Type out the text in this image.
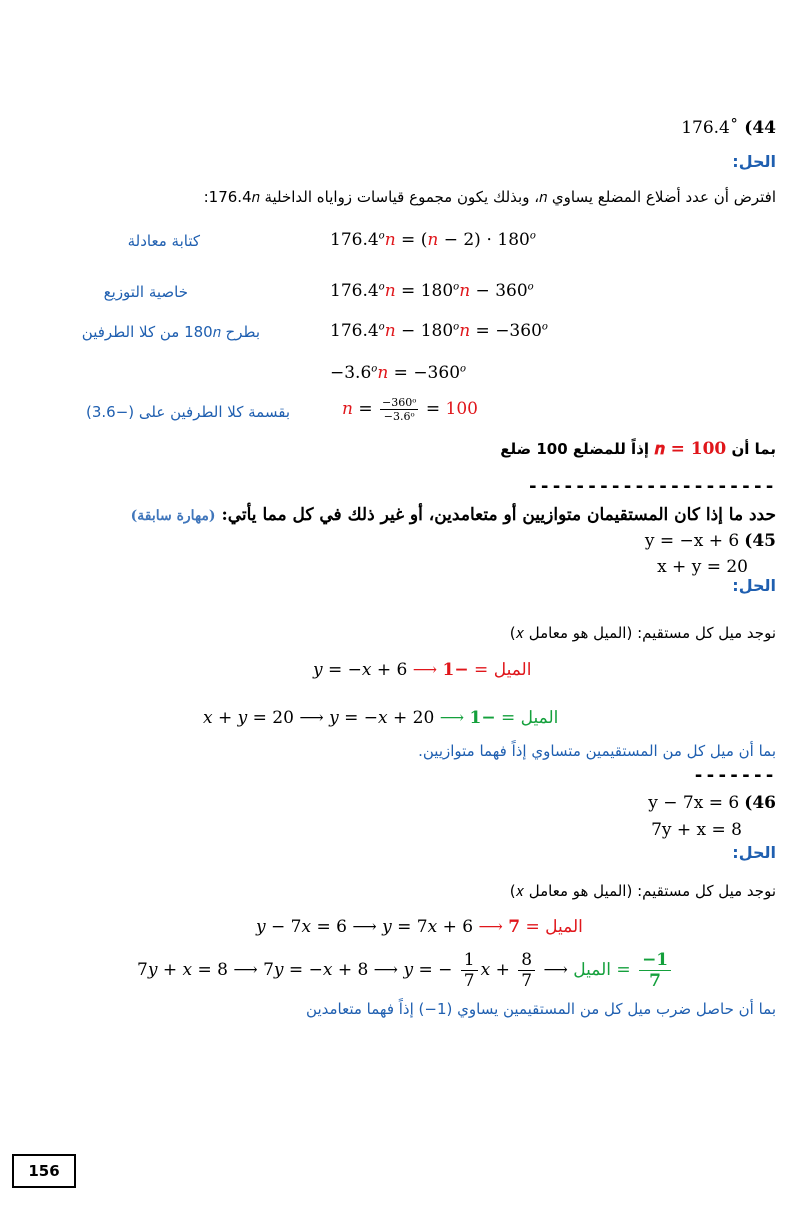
176.4˚ (44
الحل:
افترض أن عدد أضلاع المضلع يساوي 𝑛، وبذلك يكون مجموع قياسات زواياه الداخلية 176.4𝑛:
كتابة معادلة	$176.4^𝑜𝑛$ = (𝑛 − $2) \cdot 180^𝑜$
خاصية التوزيع	$176.4^𝑜𝑛$ = $180^𝑜𝑛 - 360^𝑜$
بطرح 180𝑛 من كلا الطرفين	$176.4^𝑜𝑛$ − $180^𝑜𝑛 = -360^𝑜$
$-3.6^𝑜𝑛 = -360^𝑜$
بقسمة كلا الطرفين على (−3.6)	𝑛 = $\frac{\text{−360ᵒ}}{\text{−3.6ᵒ}} = 100$
بما أن 𝒏 = 𝟏𝟎𝟎 إذاً للمضلع 100 ضلع
---------------------
حدد ما إذا كان المستقيمان متوازيين أو متعامدين، أو غير ذلك في كل مما يأتي: (مهارة سابقة)
y = −x + 6 (45
x + y = 20
الحل:
نوجد ميل كل مستقيم: (الميل هو معامل 𝑥)
𝑦 = −𝑥 + 6 ⟶	الميل = −𝟏
𝑥 + 𝑦 = 20 ⟶ 𝑦 = −𝑥 + 20 ⟶	الميل = −𝟏
بما أن ميل كل من المستقيمين متساوي إذاً فهما متوازيين.
-------
y − 7x = 6 (46
7y + x = 8
الحل:
نوجد ميل كل مستقيم: (الميل هو معامل 𝑥)
𝑦 − 7𝑥 = 6 ⟶ 𝑦 = 7𝑥 + 6 ⟶ الميل = 𝟕
7𝑦 + 𝑥 = 8 ⟶ 7𝑦 = −𝑥 + 8 ⟶ 𝑦 = − $\frac{1}{7}$ 𝑥 + $\frac{8}{7}$ ⟶ الميل = $\frac{-𝟏}{𝟕}$
بما أن حاصل ضرب ميل كل من المستقيمين يساوي (1−) إذاً فهما متعامدين
156
